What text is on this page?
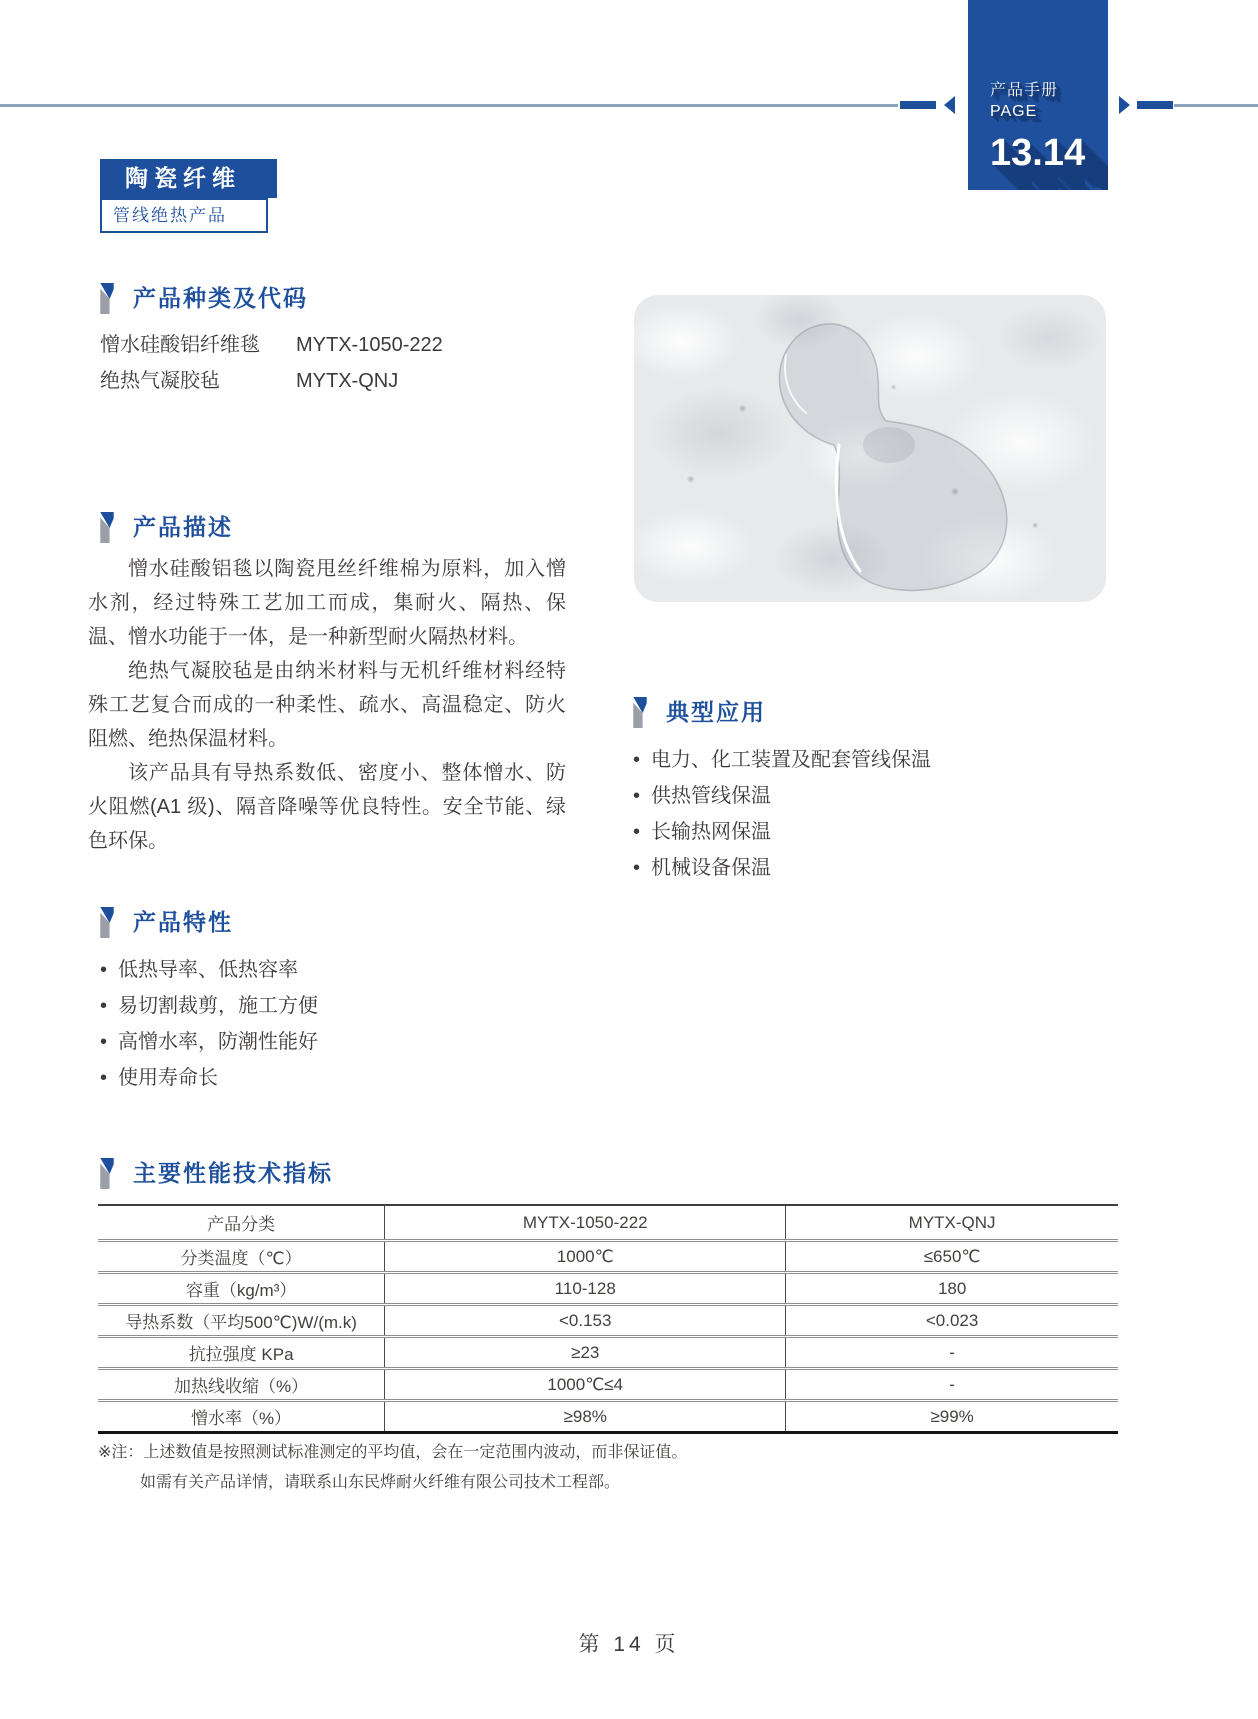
产品手册
PAGE
13.14
陶瓷纤维
管线绝热产品
产品种类及代码
憎水硅酸铝纤维毯	MYTX-1050-222
绝热气凝胶毡	MYTX-QNJ
产品描述

憎水硅酸铝毯以陶瓷甩丝纤维棉为原料，加入憎水剂，经过特殊工艺加工而成，集耐火、隔热、保温、憎水功能于一体，是一种新型耐火隔热材料。

绝热气凝胶毡是由纳米材料与无机纤维材料经特殊工艺复合而成的一种柔性、疏水、高温稳定、防火阻燃、绝热保温材料。

该产品具有导热系数低、密度小、整体憎水、防火阻燃(A1 级)、隔音降噪等优良特性。安全节能、绿色环保。

典型应用
• 电力、化工装置及配套管线保温
• 供热管线保温
• 长输热网保温
• 机械设备保温
产品特性
• 低热导率、低热容率
• 易切割裁剪，施工方便
• 高憎水率，防潮性能好
• 使用寿命长
主要性能技术指标
产品分类	MYTX-1050-222	MYTX-QNJ
分类温度（℃）	1000℃	≤650℃
容重（kg/m³）	110-128	180
导热系数（平均500℃)W/(m.k)	<0.153	<0.023
抗拉强度 KPa	≥23	-
加热线收缩（%）	1000℃≤4	-
憎水率（%）	≥98%	≥99%
※注：上述数值是按照测试标准测定的平均值，会在一定范围内波动，而非保证值。
如需有关产品详情，请联系山东民烨耐火纤维有限公司技术工程部。
第 14 页
